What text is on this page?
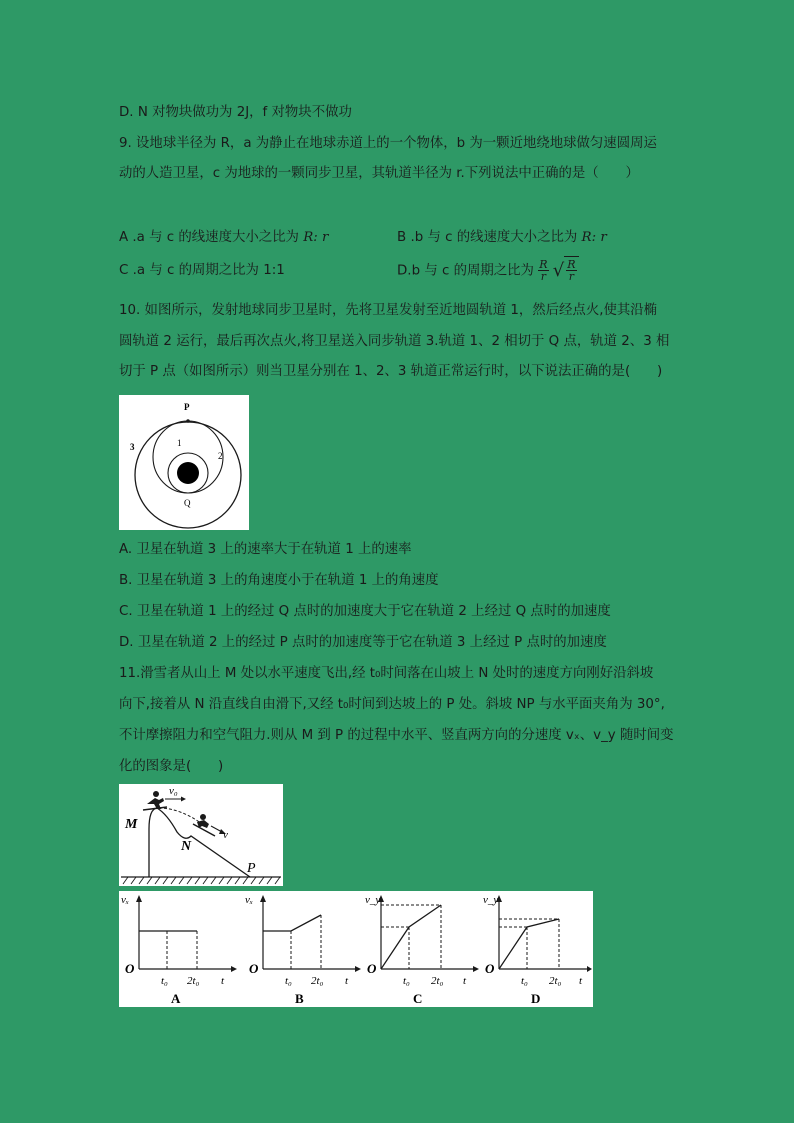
D. N 对物块做功为 2J，f 对物块不做功
9. 设地球半径为 R，a 为静止在地球赤道上的一个物体，b 为一颗近地绕地球做匀速圆周运
动的人造卫星，c 为地球的一颗同步卫星，其轨道半径为 r.下列说法中正确的是（　　）
A .a 与 c 的线速度大小之比为 R: r	B .b 与 c 的线速度大小之比为 R: r
C .a 与 c 的周期之比为 1:1	D.b 与 c 的周期之比为 $\frac{R}{r}$ √ $\frac{R}{r}$
10. 如图所示，发射地球同步卫星时，先将卫星发射至近地圆轨道 1，然后经点火,使其沿椭
圆轨道 2 运行，最后再次点火,将卫星送入同步轨道 3.轨道 1、2 相切于 Q 点，轨道 2、3 相
切于 P 点（如图所示）则当卫星分别在 1、2、3 轨道正常运行时，以下说法正确的是(　　)
P
Q
1
2
3
A. 卫星在轨道 3 上的速率大于在轨道 1 上的速率
B. 卫星在轨道 3 上的角速度小于在轨道 1 上的角速度
C. 卫星在轨道 1 上的经过 Q 点时的加速度大于它在轨道 2 上经过 Q 点时的加速度
D. 卫星在轨道 2 上的经过 P 点时的加速度等于它在轨道 3 上经过 P 点时的加速度
11.滑雪者从山上 M 处以水平速度飞出,经 t₀时间落在山坡上 N 处时的速度方向刚好沿斜坡
向下,接着从 N 沿直线自由滑下,又经 t₀时间到达坡上的 P 处。斜坡 NP 与水平面夹角为 30°,
不计摩擦阻力和空气阻力.则从 M 到 P 的过程中水平、竖直两方向的分速度 vₓ、v_y 随时间变
化的图象是(　　)
v₀
v
M
N
P
vₓ
O
t₀ 2t₀ t
A
vₓ
O
t₀ 2t₀ t
B
v_y
O
t₀ 2t₀ t
C
v_y
O
t₀ 2t₀ t
D
